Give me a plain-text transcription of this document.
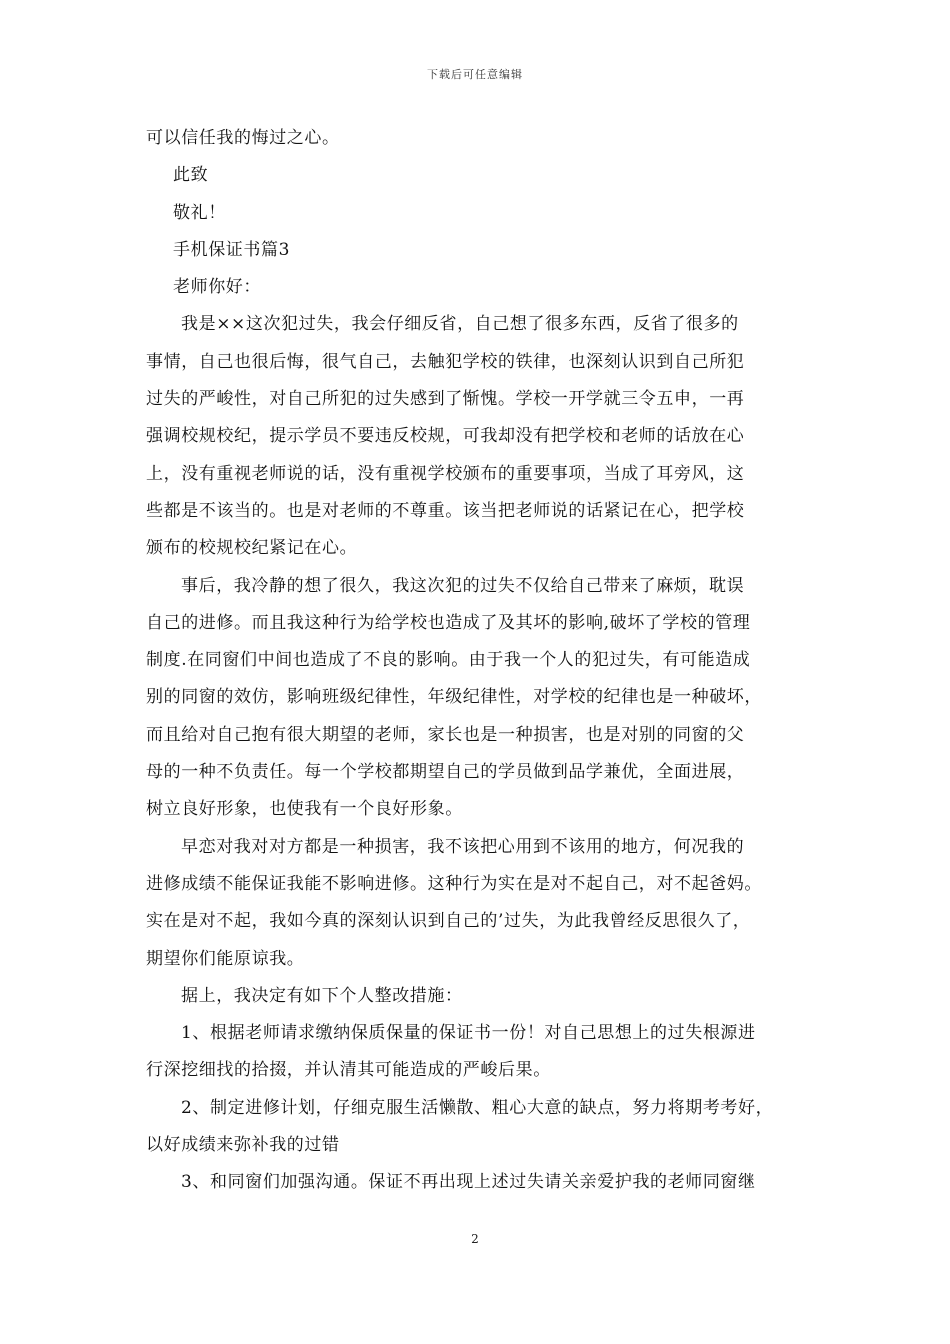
下载后可任意编辑
可以信任我的悔过之心。
此致
敬礼！
手机保证书篇3
老师你好：
我是××这次犯过失，我会仔细反省，自己想了很多东西，反省了很多的
事情，自己也很后悔，很气自己，去触犯学校的铁律，也深刻认识到自己所犯
过失的严峻性，对自己所犯的过失感到了惭愧。学校一开学就三令五申，一再
强调校规校纪，提示学员不要违反校规，可我却没有把学校和老师的话放在心
上，没有重视老师说的话，没有重视学校颁布的重要事项，当成了耳旁风，这
些都是不该当的。也是对老师的不尊重。该当把老师说的话紧记在心，把学校
颁布的校规校纪紧记在心。
事后，我冷静的想了很久，我这次犯的过失不仅给自己带来了麻烦，耽误
自己的进修。而且我这种行为给学校也造成了及其坏的影响,破坏了学校的管理
制度.在同窗们中间也造成了不良的影响。由于我一个人的犯过失，有可能造成
别的同窗的效仿，影响班级纪律性，年级纪律性，对学校的纪律也是一种破坏，
而且给对自己抱有很大期望的老师，家长也是一种损害，也是对别的同窗的父
母的一种不负责任。每一个学校都期望自己的学员做到品学兼优，全面进展，
树立良好形象，也使我有一个良好形象。
早恋对我对对方都是一种损害，我不该把心用到不该用的地方，何况我的
进修成绩不能保证我能不影响进修。这种行为实在是对不起自己，对不起爸妈。
实在是对不起，我如今真的深刻认识到自己的’过失，为此我曾经反思很久了，
期望你们能原谅我。
据上，我决定有如下个人整改措施：
1、根据老师请求缴纳保质保量的保证书一份！对自己思想上的过失根源进
行深挖细找的拾掇，并认清其可能造成的严峻后果。
2、制定进修计划，仔细克服生活懒散、粗心大意的缺点，努力将期考考好，
以好成绩来弥补我的过错
3、和同窗们加强沟通。保证不再出现上述过失请关亲爱护我的老师同窗继
2
